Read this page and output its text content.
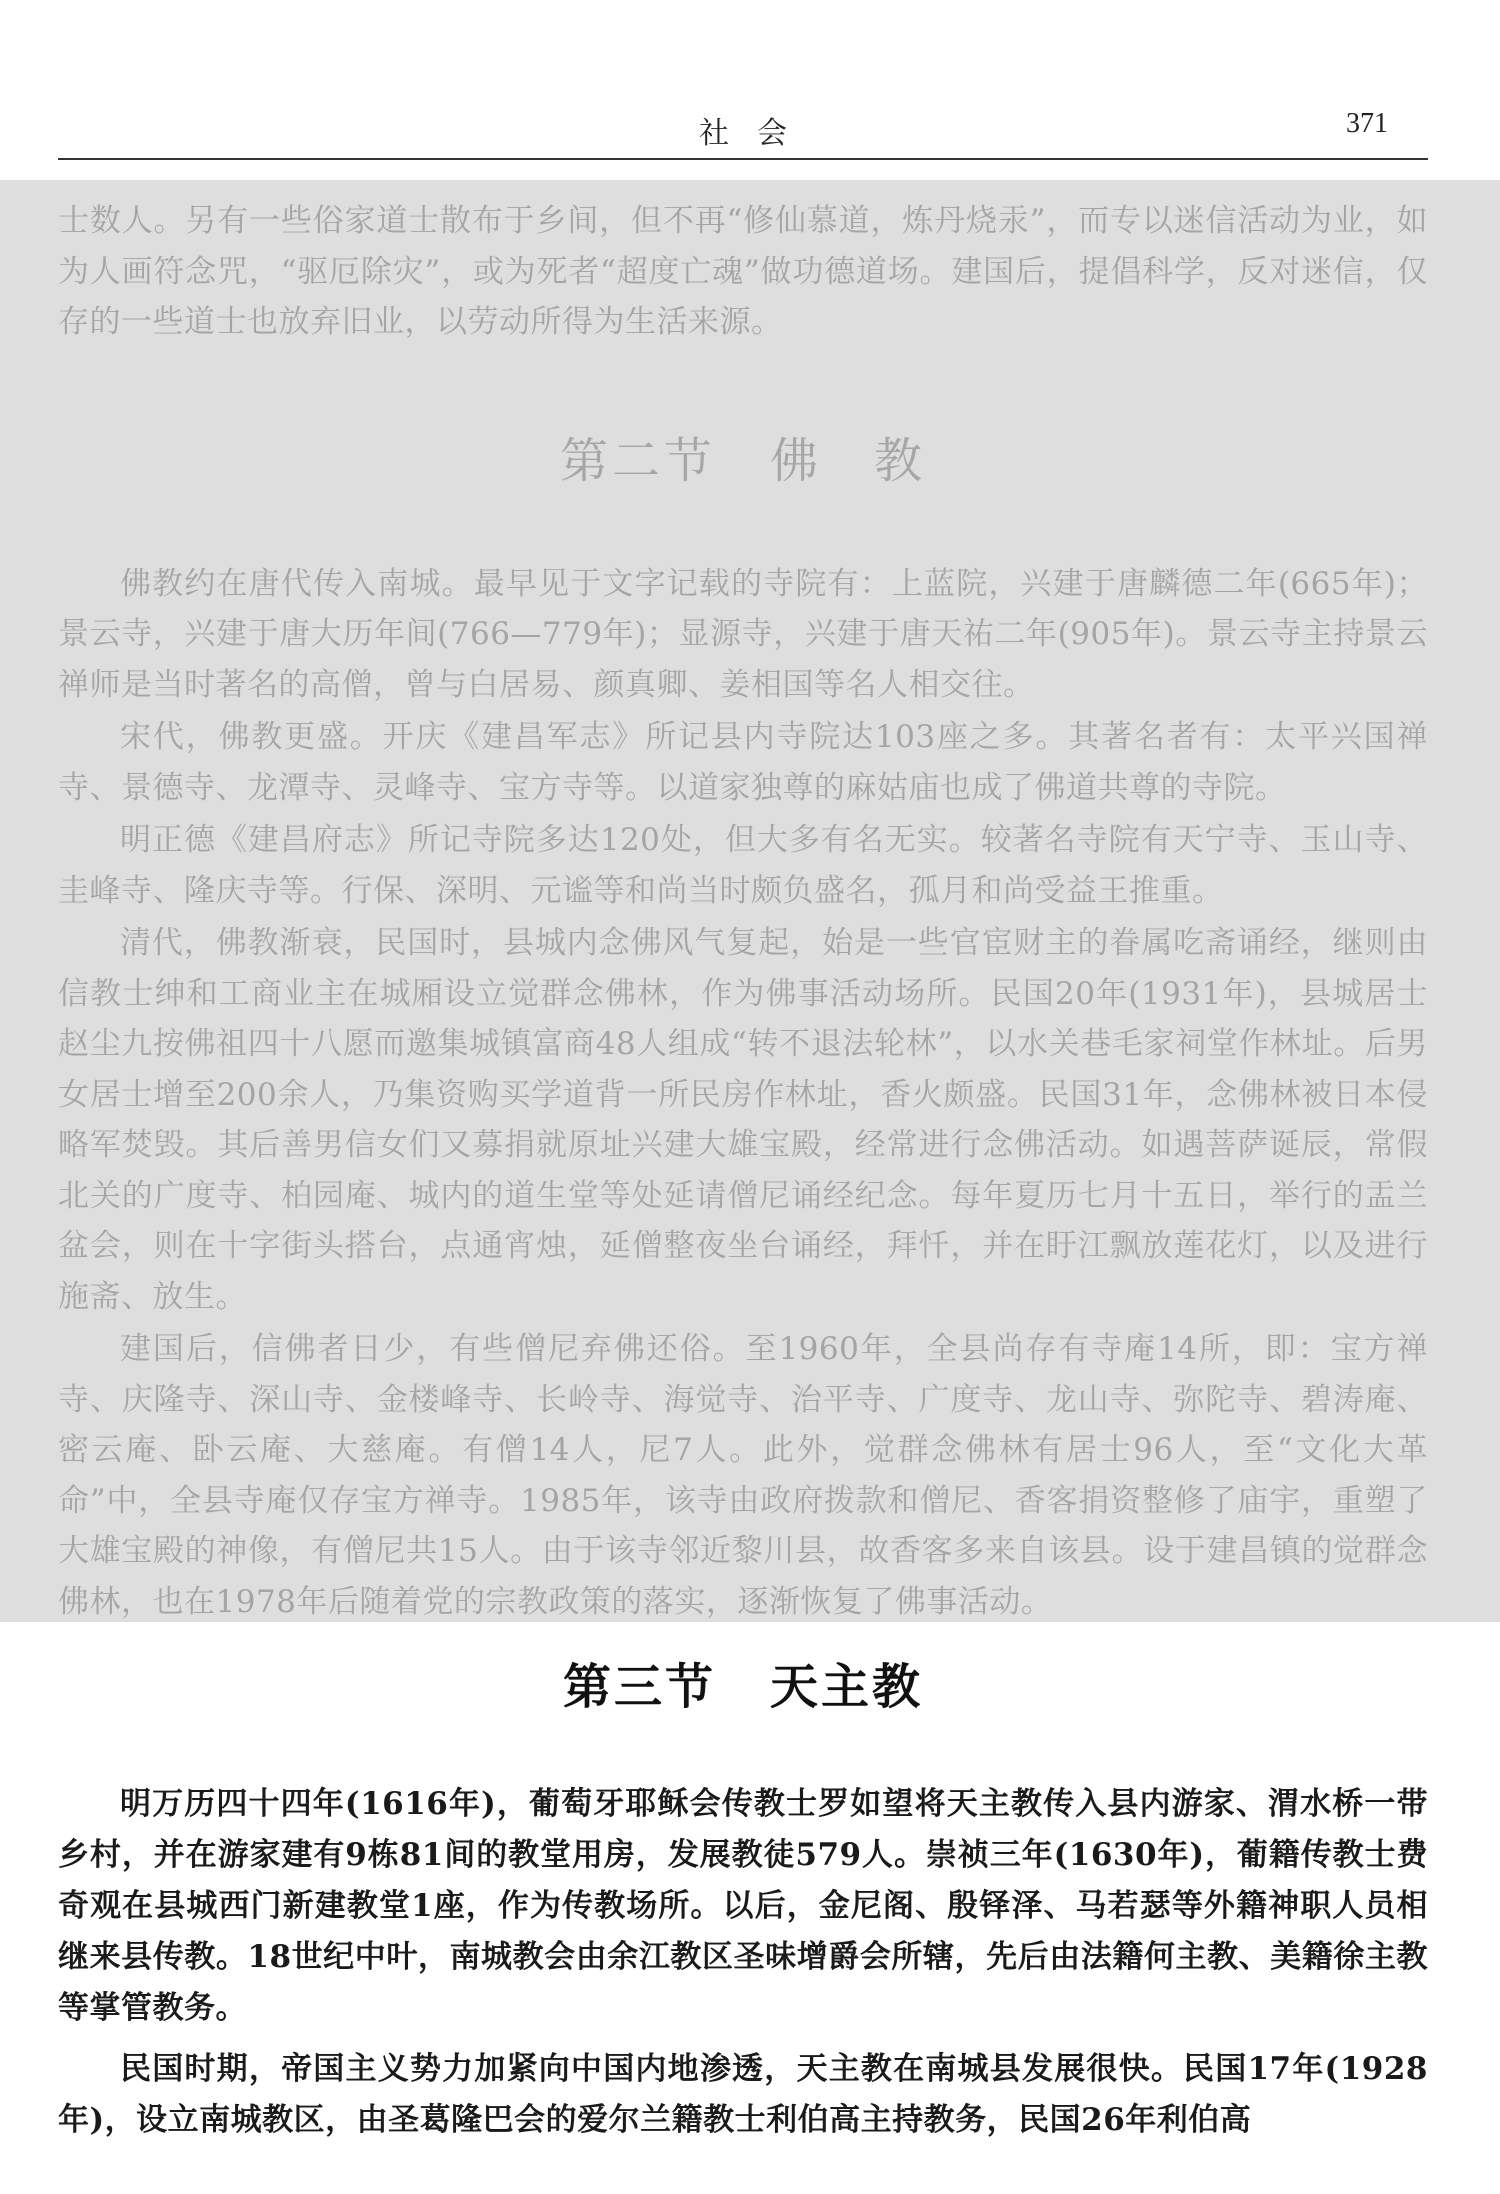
社会	371

士数人。另有一些俗家道士散布于乡间，但不再“修仙慕道，炼丹烧汞”，而专以迷信活动为业，如为人画符念咒，“驱厄除灾”，或为死者“超度亡魂”做功德道场。建国后，提倡科学，反对迷信，仅存的一些道士也放弃旧业，以劳动所得为生活来源。

第二节 佛　教

佛教约在唐代传入南城。最早见于文字记载的寺院有：上蓝院，兴建于唐麟德二年(665年)；景云寺，兴建于唐大历年间(766—779年)；显源寺，兴建于唐天祐二年(905年)。景云寺主持景云禅师是当时著名的高僧，曾与白居易、颜真卿、姜相国等名人相交往。

宋代，佛教更盛。开庆《建昌军志》所记县内寺院达103座之多。其著名者有：太平兴国禅寺、景德寺、龙潭寺、灵峰寺、宝方寺等。以道家独尊的麻姑庙也成了佛道共尊的寺院。

明正德《建昌府志》所记寺院多达120处，但大多有名无实。较著名寺院有天宁寺、玉山寺、圭峰寺、隆庆寺等。行保、深明、元谧等和尚当时颇负盛名，孤月和尚受益王推重。

清代，佛教渐衰，民国时，县城内念佛风气复起，始是一些官宦财主的眷属吃斋诵经，继则由信教士绅和工商业主在城厢设立觉群念佛林，作为佛事活动场所。民国20年(1931年)，县城居士赵尘九按佛祖四十八愿而邀集城镇富商48人组成“转不退法轮林”，以水关巷毛家祠堂作林址。后男女居士增至200余人，乃集资购买学道背一所民房作林址，香火颇盛。民国31年，念佛林被日本侵略军焚毁。其后善男信女们又募捐就原址兴建大雄宝殿，经常进行念佛活动。如遇菩萨诞辰，常假北关的广度寺、柏园庵、城内的道生堂等处延请僧尼诵经纪念。每年夏历七月十五日，举行的盂兰盆会，则在十字街头搭台，点通宵烛，延僧整夜坐台诵经，拜忏，并在盱江飘放莲花灯，以及进行施斋、放生。

建国后，信佛者日少，有些僧尼弃佛还俗。至1960年，全县尚存有寺庵14所，即：宝方禅寺、庆隆寺、深山寺、金楼峰寺、长岭寺、海觉寺、治平寺、广度寺、龙山寺、弥陀寺、碧涛庵、密云庵、卧云庵、大慈庵。有僧14人，尼7人。此外，觉群念佛林有居士96人，至“文化大革命”中，全县寺庵仅存宝方禅寺。1985年，该寺由政府拨款和僧尼、香客捐资整修了庙宇，重塑了大雄宝殿的神像，有僧尼共15人。由于该寺邻近黎川县，故香客多来自该县。设于建昌镇的觉群念佛林，也在1978年后随着党的宗教政策的落实，逐渐恢复了佛事活动。

第三节 天主教

明万历四十四年(1616年)，葡萄牙耶稣会传教士罗如望将天主教传入县内游家、渭水桥一带乡村，并在游家建有9栋81间的教堂用房，发展教徒579人。崇祯三年(1630年)，葡籍传教士费奇观在县城西门新建教堂1座，作为传教场所。以后，金尼阁、殷铎泽、马若瑟等外籍神职人员相继来县传教。18世纪中叶，南城教会由余江教区圣味增爵会所辖，先后由法籍何主教、美籍徐主教等掌管教务。

民国时期，帝国主义势力加紧向中国内地渗透，天主教在南城县发展很快。民国17年(1928年)，设立南城教区，由圣葛隆巴会的爱尔兰籍教士利伯高主持教务，民国26年利伯高
